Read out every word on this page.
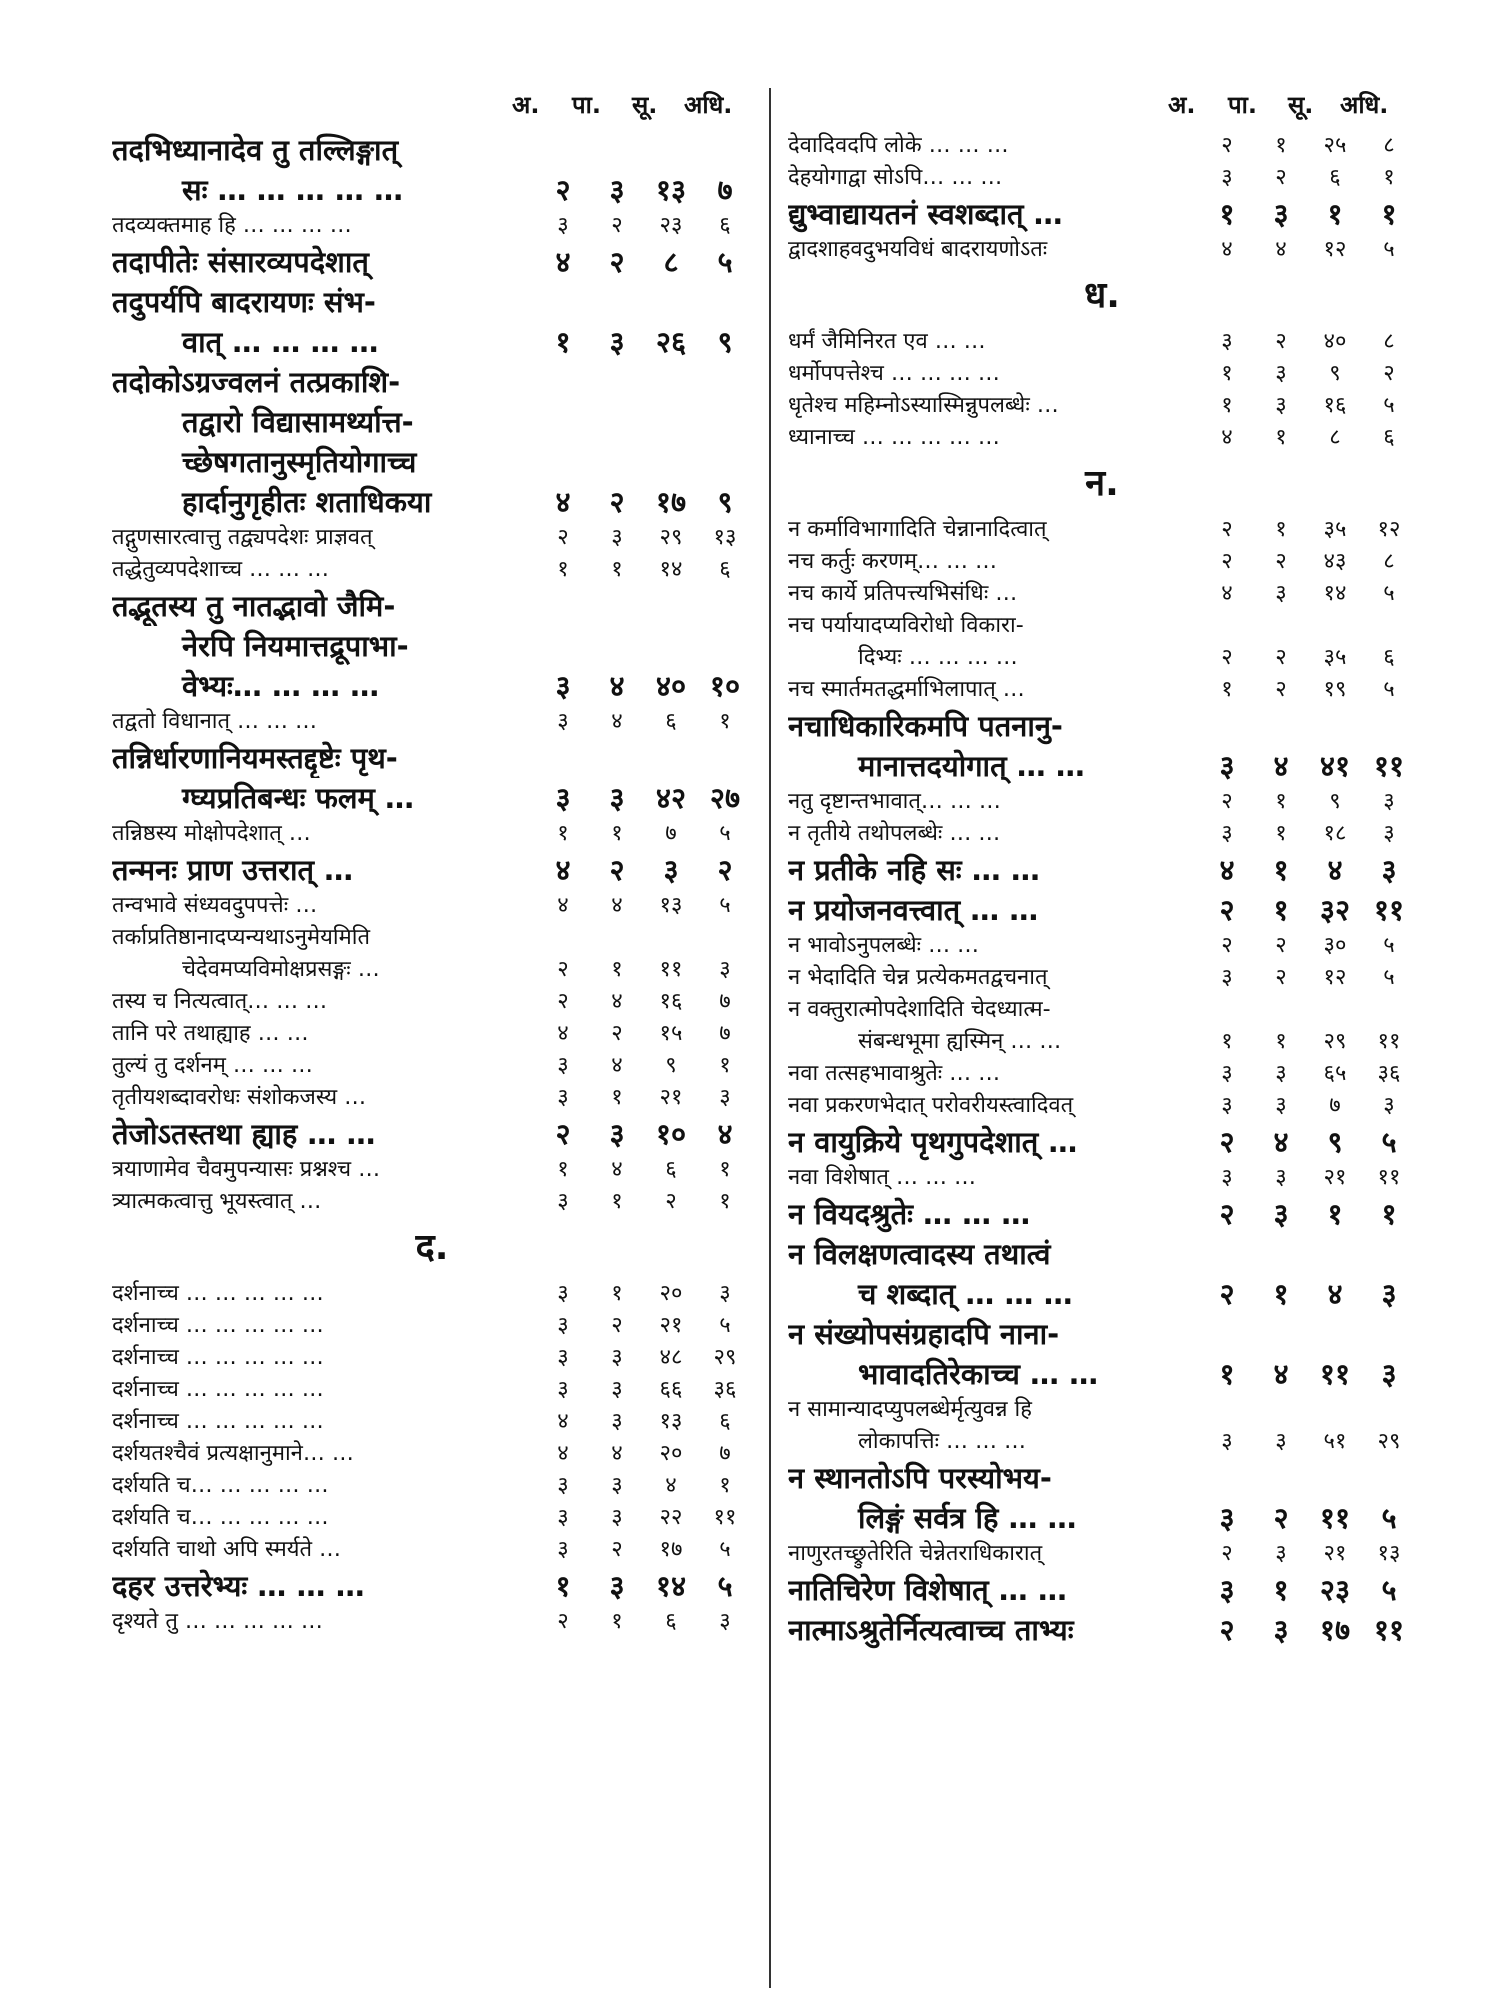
अ. पा. सू. अधि.
तदभिध्यानादेव तु तल्लिङ्गात्
सः … … … … …	२	३	१३	७
तदव्यक्तमाह हि … … … …	३	२	२३	६
तदापीतेः संसारव्यपदेशात्	४	२	८	५
तदुपर्यपि बादरायणः संभ-
वात् … … … …	१	३	२६	९
तदोकोऽग्रज्वलनं तत्प्रकाशि-
तद्वारो विद्यासामर्थ्यात्त-
च्छेषगतानुस्मृतियोगाच्च
हार्दानुगृहीतः शताधिकया	४	२	१७	९
तद्गुणसारत्वात्तु तद्व्यपदेशः प्राज्ञवत्	२	३	२९	१३
तद्धेतुव्यपदेशाच्च … … …	१	१	१४	६
तद्भूतस्य तु नातद्भावो जैमि-
नेरपि नियमात्तद्रूपाभा-
वेभ्यः… … … …	३	४	४० १०
तद्वतो विधानात् … … …	३	४	६	१
तन्निर्धारणानियमस्तद्दृष्टेः पृथ-
ग्घ्यप्रतिबन्धः फलम् …	३	३	४२ २७
तन्निष्ठस्य मोक्षोपदेशात् …	१	१	७	५
तन्मनः प्राण उत्तरात् …	४	२	३	२
तन्वभावे संध्यवदुपपत्तेः …	४	४	१३	५
तर्काप्रतिष्ठानादप्यन्यथाऽनुमेयमिति
चेदेवमप्यविमोक्षप्रसङ्गः …	२	१	११	३
तस्य च नित्यत्वात्… … …	२	४	१६	७
तानि परे तथाह्याह … …	४	२	१५	७
तुल्यं तु दर्शनम् … … …	३	४	९	१
तृतीयशब्दावरोधः संशोकजस्य …	३	१	२१	३
तेजोऽतस्तथा ह्याह … …	२	३	१०	४
त्रयाणामेव चैवमुपन्यासः प्रश्नश्च …	१	४	६	१
त्र्यात्मकत्वात्तु भूयस्त्वात् …	३	१	२	१
द.
दर्शनाच्च … … … … …	३	१	२०	३
दर्शनाच्च … … … … …	३	२	२१	५
दर्शनाच्च … … … … …	३	३	४८	२९
दर्शनाच्च … … … … …	३	३	६६	३६
दर्शनाच्च … … … … …	४	३	१३	६
दर्शयतश्चैवं प्रत्यक्षानुमाने… …	४	४	२०	७
दर्शयति च… … … … …	३	३	४	१
दर्शयति च… … … … …	३	३	२२	११
दर्शयति चाथो अपि स्मर्यते …	३	२	१७	५
दहर उत्तरेभ्यः … … …	१	३	१४	५
दृश्यते तु … … … … …	२	१	६	३
अ. पा. सू. अधि.
देवादिवदपि लोके … … …	२	१	२५	८
देहयोगाद्वा सोऽपि… … …	३	२	६	१
द्युभ्वाद्यायतनं स्वशब्दात् …	१	३	१	१
द्वादशाहवदुभयविधं बादरायणोऽतः	४	४	१२	५
ध.
धर्मं जैमिनिरत एव … …	३	२	४०	८
धर्मोपपत्तेश्च … … … …	१	३	९	२
धृतेश्च महिम्नोऽस्यास्मिन्नुपलब्धेः …	१	३	१६	५
ध्यानाच्च … … … … …	४	१	८	६
न.
न कर्माविभागादिति चेन्नानादित्वात्	२	१	३५	१२
नच कर्तुः करणम्… … …	२	२	४३	८
नच कार्ये प्रतिपत्त्यभिसंधिः …	४	३	१४	५
नच पर्यायादप्यविरोधो विकारा-
दिभ्यः … … … …	२	२	३५	६
नच स्मार्तमतद्धर्माभिलापात् …	१	२	१९	५
नचाधिकारिकमपि पतनानु-
मानात्तदयोगात् … …	३	४	४१ ११
नतु दृष्टान्तभावात्… … …	२	१	९	३
न तृतीये तथोपलब्धेः … …	३	१	१८	३
न प्रतीके नहि सः … …	४	१	४	३
न प्रयोजनवत्त्वात् … …	२	१	३२ ११
न भावोऽनुपलब्धेः … …	२	२	३०	५
न भेदादिति चेन्न प्रत्येकमतद्वचनात्	३	२	१२	५
न वक्तुरात्मोपदेशादिति चेदध्यात्म-
संबन्धभूमा ह्यस्मिन् … …	१	१	२९	११
नवा तत्सहभावाश्रुतेः … …	३	३	६५	३६
नवा प्रकरणभेदात् परोवरीयस्त्वादिवत्	३	३	७	३
न वायुक्रिये पृथगुपदेशात् …	२	४	९	५
नवा विशेषात् … … …	३	३	२१	११
न वियदश्रुतेः … … …	२	३	१	१
न विलक्षणत्वादस्य तथात्वं
च शब्दात् … … …	२	१	४	३
न संख्योपसंग्रहादपि नाना-
भावादतिरेकाच्च … …	१	४	११	३
न सामान्यादप्युपलब्धेर्मृत्युवन्न हि
लोकापत्तिः … … …	३	३	५१	२९
न स्थानतोऽपि परस्योभय-
लिङ्गं सर्वत्र हि … …	३	२	११	५
नाणुरतच्छ्रुतेरिति चेन्नेतराधिकारात्	२	३	२१	१३
नातिचिरेण विशेषात् … …	३	१	२३	५
नात्माऽश्रुतेर्नित्यत्वाच्च ताभ्यः	२	३	१७ ११
